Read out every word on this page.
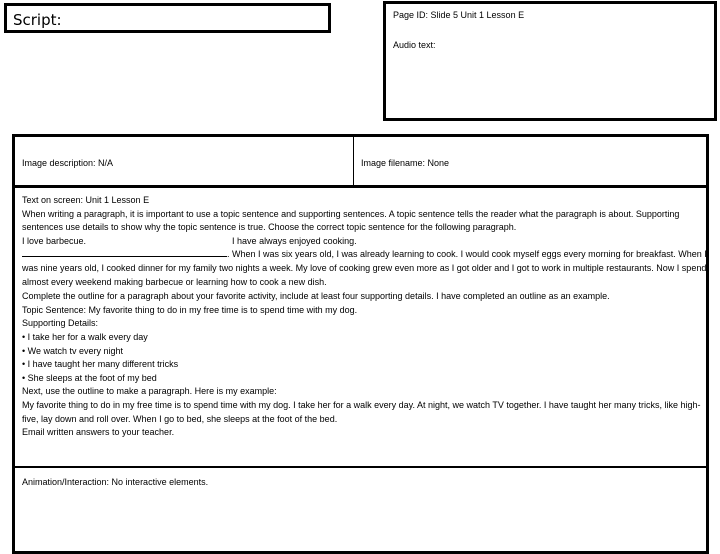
Script:	Page ID: Slide 5 Unit 1 Lesson E
Audio text:
Image description: N/A	Image filename: None

Text on screen: Unit 1 Lesson E

When writing a paragraph, it is important to use a topic sentence and supporting sentences. A topic sentence tells the reader what the paragraph is about. Supporting sentences use details to show why the topic sentence is true. Choose the correct topic sentence for the following paragraph.

I love barbecue.	I have always enjoyed cooking.

. When I was six years old, I was already learning to cook. I would cook myself eggs every morning for breakfast. When I was nine years old, I cooked dinner for my family two nights a week. My love of cooking grew even more as I got older and I got to work in multiple restaurants. Now I spend almost every weekend making barbecue or learning how to cook a new dish.

Complete the outline for a paragraph about your favorite activity, include at least four supporting details. I have completed an outline as an example.

Topic Sentence: My favorite thing to do in my free time is to spend time with my dog.

Supporting Details:

• I take her for a walk every day

• We watch tv every night

• I have taught her many different tricks

• She sleeps at the foot of my bed

Next, use the outline to make a paragraph. Here is my example:

My favorite thing to do in my free time is to spend time with my dog. I take her for a walk every day. At night, we watch TV together. I have taught her many tricks, like high-five, lay down and roll over. When I go to bed, she sleeps at the foot of the bed.

Email written answers to your teacher.

Animation/Interaction: No interactive elements.
